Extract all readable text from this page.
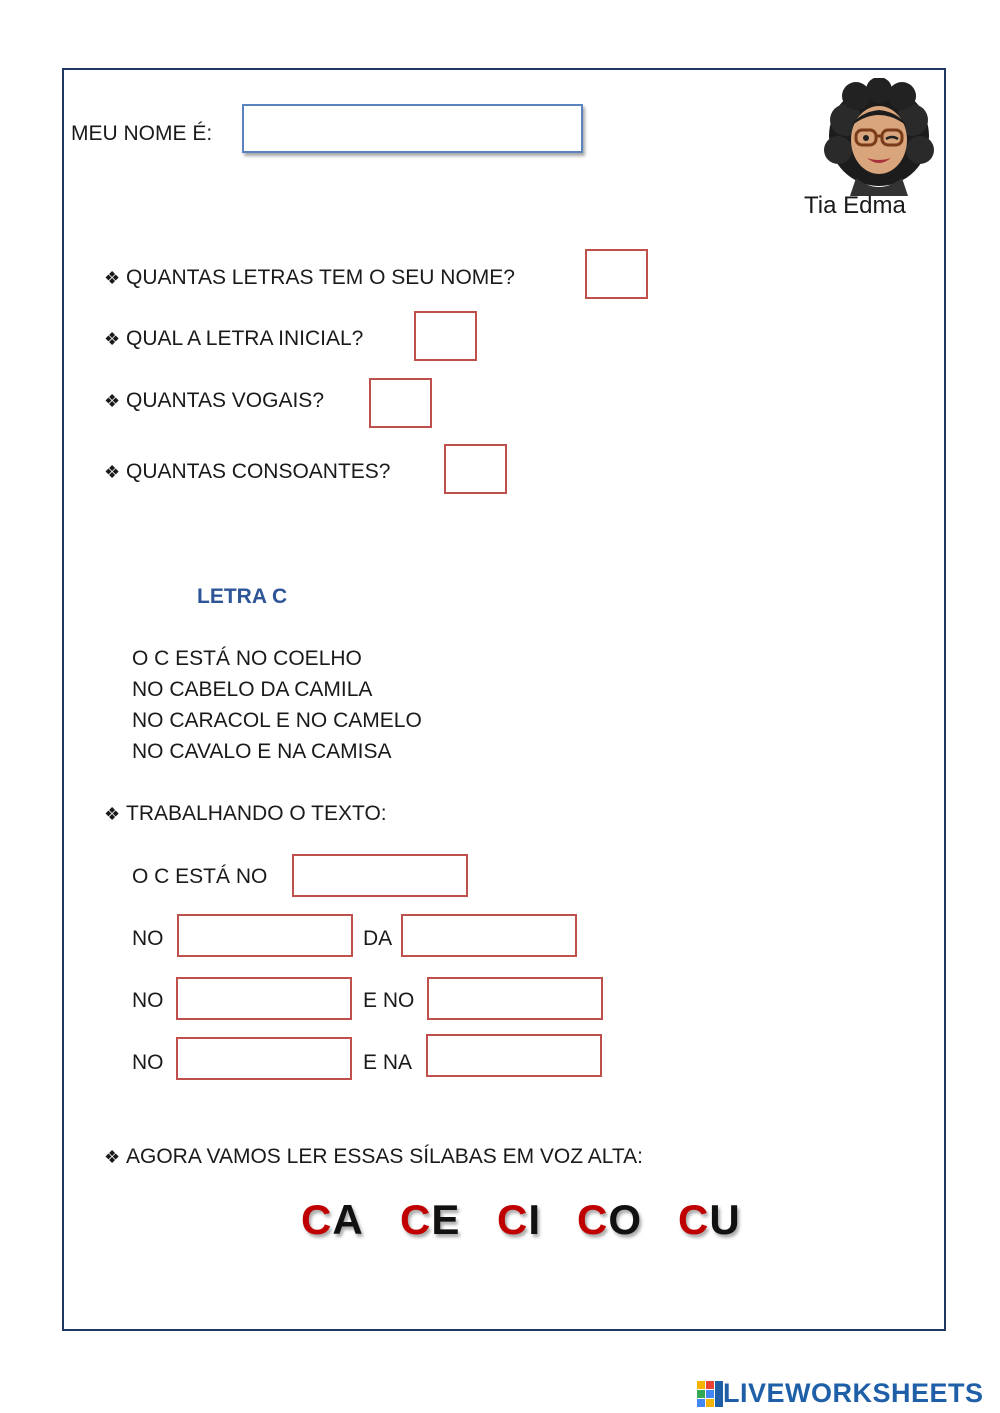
MEU NOME É:
Tia Edma
❖ QUANTAS LETRAS TEM O SEU NOME?
❖ QUAL A LETRA INICIAL?
❖ QUANTAS VOGAIS?
❖ QUANTAS CONSOANTES?
LETRA C
O C ESTÁ NO COELHO
NO CABELO DA CAMILA
NO CARACOL E NO CAMELO
NO CAVALO E NA CAMISA
❖ TRABALHANDO O TEXTO:
O C ESTÁ NO
NO	DA
NO	E NO
NO	E NA
❖ AGORA VAMOS LER ESSAS SÍLABAS EM VOZ ALTA:
CA CE CI CO CU
LIVEWORKSHEETS
